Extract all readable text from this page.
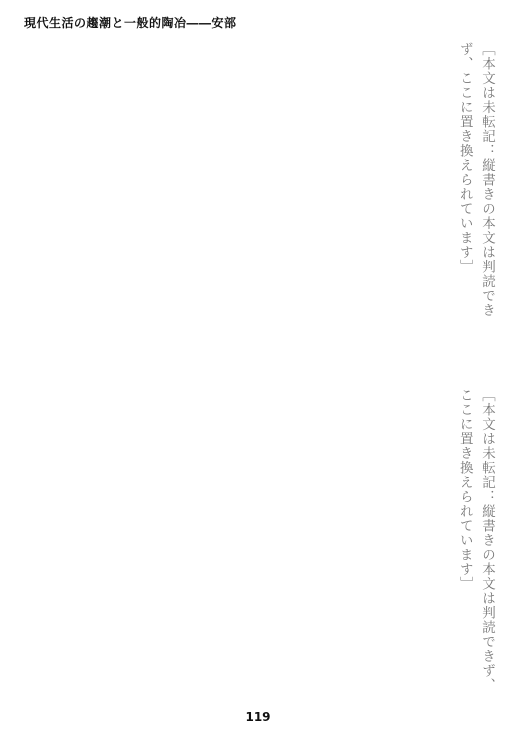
現代生活の趨潮と一般的陶冶――安部
［本文は未転記：縦書きの本文は判読できず、ここに置き換えられています］
［本文は未転記：縦書きの本文は判読できず、ここに置き換えられています］
119
